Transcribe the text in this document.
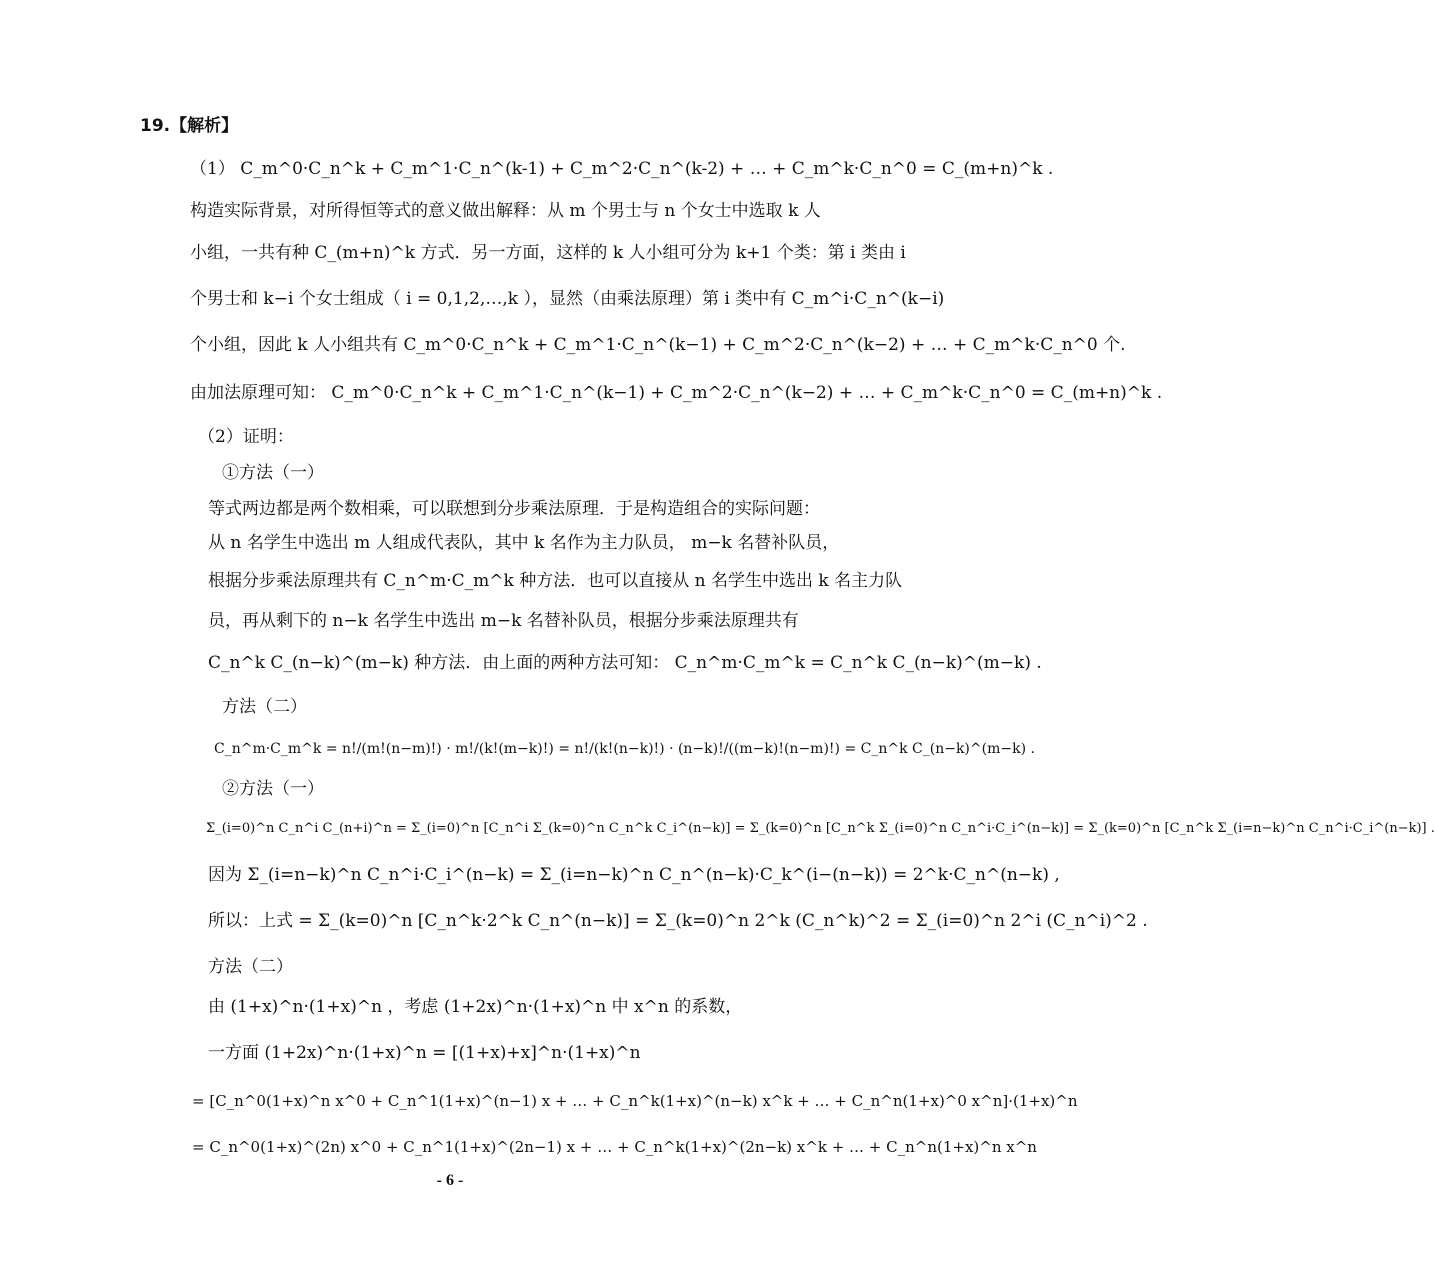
19.【解析】
（1） C_m^0·C_n^k + C_m^1·C_n^(k-1) + C_m^2·C_n^(k-2) + … + C_m^k·C_n^0 = C_(m+n)^k .
构造实际背景，对所得恒等式的意义做出解释：从 m 个男士与 n 个女士中选取 k 人
小组，一共有种 C_(m+n)^k 方式．另一方面，这样的 k 人小组可分为 k+1 个类：第 i 类由 i
个男士和 k−i 个女士组成（ i = 0,1,2,…,k ），显然（由乘法原理）第 i 类中有 C_m^i·C_n^(k−i)
个小组，因此 k 人小组共有 C_m^0·C_n^k + C_m^1·C_n^(k−1) + C_m^2·C_n^(k−2) + … + C_m^k·C_n^0 个.
由加法原理可知： C_m^0·C_n^k + C_m^1·C_n^(k−1) + C_m^2·C_n^(k−2) + … + C_m^k·C_n^0 = C_(m+n)^k .
（2）证明：
①方法（一）
等式两边都是两个数相乘，可以联想到分步乘法原理．于是构造组合的实际问题：
从 n 名学生中选出 m 人组成代表队，其中 k 名作为主力队员， m−k 名替补队员，
根据分步乘法原理共有 C_n^m·C_m^k 种方法．也可以直接从 n 名学生中选出 k 名主力队
员，再从剩下的 n−k 名学生中选出 m−k 名替补队员，根据分步乘法原理共有
C_n^k C_(n−k)^(m−k) 种方法．由上面的两种方法可知： C_n^m·C_m^k = C_n^k C_(n−k)^(m−k) .
方法（二）
C_n^m·C_m^k = n!/(m!(n−m)!) · m!/(k!(m−k)!) = n!/(k!(n−k)!) · (n−k)!/((m−k)!(n−m)!) = C_n^k C_(n−k)^(m−k) .
②方法（一）
Σ_(i=0)^n C_n^i C_(n+i)^n = Σ_(i=0)^n [C_n^i Σ_(k=0)^n C_n^k C_i^(n−k)] = Σ_(k=0)^n [C_n^k Σ_(i=0)^n C_n^i·C_i^(n−k)] = Σ_(k=0)^n [C_n^k Σ_(i=n−k)^n C_n^i·C_i^(n−k)] .
因为 Σ_(i=n−k)^n C_n^i·C_i^(n−k) = Σ_(i=n−k)^n C_n^(n−k)·C_k^(i−(n−k)) = 2^k·C_n^(n−k) ,
所以：上式 = Σ_(k=0)^n [C_n^k·2^k C_n^(n−k)] = Σ_(k=0)^n 2^k (C_n^k)^2 = Σ_(i=0)^n 2^i (C_n^i)^2 .
方法（二）
由 (1+x)^n·(1+x)^n ，考虑 (1+2x)^n·(1+x)^n 中 x^n 的系数，
一方面 (1+2x)^n·(1+x)^n = [(1+x)+x]^n·(1+x)^n
= [C_n^0(1+x)^n x^0 + C_n^1(1+x)^(n−1) x + … + C_n^k(1+x)^(n−k) x^k + … + C_n^n(1+x)^0 x^n]·(1+x)^n
= C_n^0(1+x)^(2n) x^0 + C_n^1(1+x)^(2n−1) x + … + C_n^k(1+x)^(2n−k) x^k + … + C_n^n(1+x)^n x^n
- 6 -
